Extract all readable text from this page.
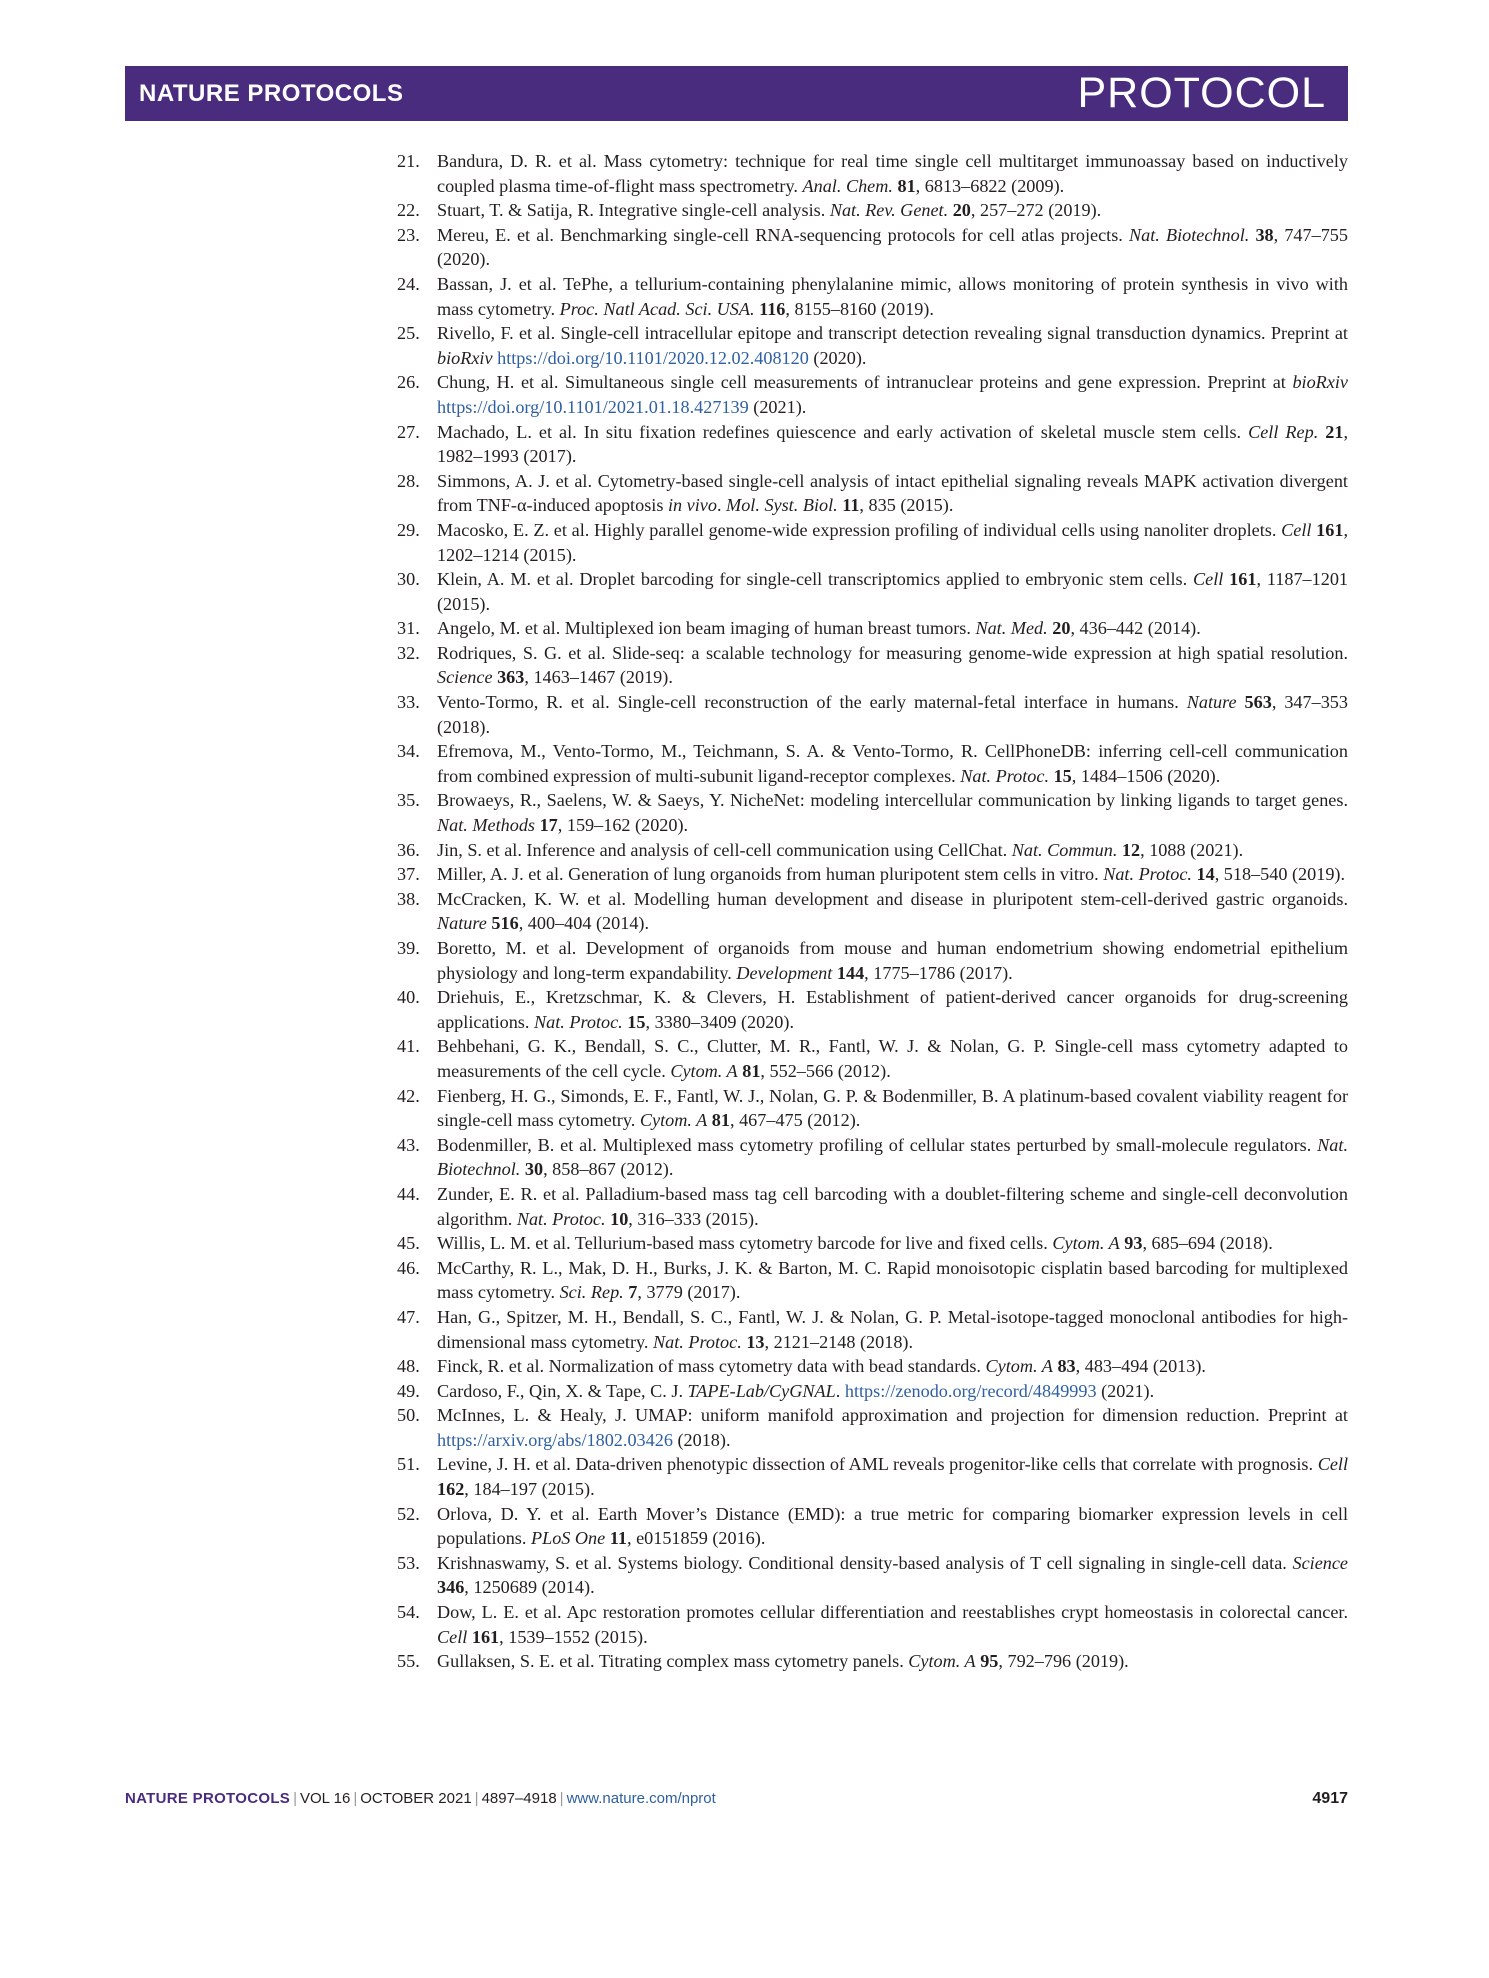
NATURE PROTOCOLS	PROTOCOL
21. Bandura, D. R. et al. Mass cytometry: technique for real time single cell multitarget immunoassay based on inductively coupled plasma time-of-flight mass spectrometry. Anal. Chem. 81, 6813–6822 (2009).
22. Stuart, T. & Satija, R. Integrative single-cell analysis. Nat. Rev. Genet. 20, 257–272 (2019).
23. Mereu, E. et al. Benchmarking single-cell RNA-sequencing protocols for cell atlas projects. Nat. Biotechnol. 38, 747–755 (2020).
24. Bassan, J. et al. TePhe, a tellurium-containing phenylalanine mimic, allows monitoring of protein synthesis in vivo with mass cytometry. Proc. Natl Acad. Sci. USA. 116, 8155–8160 (2019).
25. Rivello, F. et al. Single-cell intracellular epitope and transcript detection revealing signal transduction dynamics. Preprint at bioRxiv https://doi.org/10.1101/2020.12.02.408120 (2020).
26. Chung, H. et al. Simultaneous single cell measurements of intranuclear proteins and gene expression. Preprint at bioRxiv https://doi.org/10.1101/2021.01.18.427139 (2021).
27. Machado, L. et al. In situ fixation redefines quiescence and early activation of skeletal muscle stem cells. Cell Rep. 21, 1982–1993 (2017).
28. Simmons, A. J. et al. Cytometry-based single-cell analysis of intact epithelial signaling reveals MAPK activation divergent from TNF-α-induced apoptosis in vivo. Mol. Syst. Biol. 11, 835 (2015).
29. Macosko, E. Z. et al. Highly parallel genome-wide expression profiling of individual cells using nanoliter droplets. Cell 161, 1202–1214 (2015).
30. Klein, A. M. et al. Droplet barcoding for single-cell transcriptomics applied to embryonic stem cells. Cell 161, 1187–1201 (2015).
31. Angelo, M. et al. Multiplexed ion beam imaging of human breast tumors. Nat. Med. 20, 436–442 (2014).
32. Rodriques, S. G. et al. Slide-seq: a scalable technology for measuring genome-wide expression at high spatial resolution. Science 363, 1463–1467 (2019).
33. Vento-Tormo, R. et al. Single-cell reconstruction of the early maternal-fetal interface in humans. Nature 563, 347–353 (2018).
34. Efremova, M., Vento-Tormo, M., Teichmann, S. A. & Vento-Tormo, R. CellPhoneDB: inferring cell-cell communication from combined expression of multi-subunit ligand-receptor complexes. Nat. Protoc. 15, 1484–1506 (2020).
35. Browaeys, R., Saelens, W. & Saeys, Y. NicheNet: modeling intercellular communication by linking ligands to target genes. Nat. Methods 17, 159–162 (2020).
36. Jin, S. et al. Inference and analysis of cell-cell communication using CellChat. Nat. Commun. 12, 1088 (2021).
37. Miller, A. J. et al. Generation of lung organoids from human pluripotent stem cells in vitro. Nat. Protoc. 14, 518–540 (2019).
38. McCracken, K. W. et al. Modelling human development and disease in pluripotent stem-cell-derived gastric organoids. Nature 516, 400–404 (2014).
39. Boretto, M. et al. Development of organoids from mouse and human endometrium showing endometrial epithelium physiology and long-term expandability. Development 144, 1775–1786 (2017).
40. Driehuis, E., Kretzschmar, K. & Clevers, H. Establishment of patient-derived cancer organoids for drug-screening applications. Nat. Protoc. 15, 3380–3409 (2020).
41. Behbehani, G. K., Bendall, S. C., Clutter, M. R., Fantl, W. J. & Nolan, G. P. Single-cell mass cytometry adapted to measurements of the cell cycle. Cytom. A 81, 552–566 (2012).
42. Fienberg, H. G., Simonds, E. F., Fantl, W. J., Nolan, G. P. & Bodenmiller, B. A platinum-based covalent viability reagent for single-cell mass cytometry. Cytom. A 81, 467–475 (2012).
43. Bodenmiller, B. et al. Multiplexed mass cytometry profiling of cellular states perturbed by small-molecule regulators. Nat. Biotechnol. 30, 858–867 (2012).
44. Zunder, E. R. et al. Palladium-based mass tag cell barcoding with a doublet-filtering scheme and single-cell deconvolution algorithm. Nat. Protoc. 10, 316–333 (2015).
45. Willis, L. M. et al. Tellurium-based mass cytometry barcode for live and fixed cells. Cytom. A 93, 685–694 (2018).
46. McCarthy, R. L., Mak, D. H., Burks, J. K. & Barton, M. C. Rapid monoisotopic cisplatin based barcoding for multiplexed mass cytometry. Sci. Rep. 7, 3779 (2017).
47. Han, G., Spitzer, M. H., Bendall, S. C., Fantl, W. J. & Nolan, G. P. Metal-isotope-tagged monoclonal antibodies for high-dimensional mass cytometry. Nat. Protoc. 13, 2121–2148 (2018).
48. Finck, R. et al. Normalization of mass cytometry data with bead standards. Cytom. A 83, 483–494 (2013).
49. Cardoso, F., Qin, X. & Tape, C. J. TAPE-Lab/CyGNAL. https://zenodo.org/record/4849993 (2021).
50. McInnes, L. & Healy, J. UMAP: uniform manifold approximation and projection for dimension reduction. Preprint at https://arxiv.org/abs/1802.03426 (2018).
51. Levine, J. H. et al. Data-driven phenotypic dissection of AML reveals progenitor-like cells that correlate with prognosis. Cell 162, 184–197 (2015).
52. Orlova, D. Y. et al. Earth Mover’s Distance (EMD): a true metric for comparing biomarker expression levels in cell populations. PLoS One 11, e0151859 (2016).
53. Krishnaswamy, S. et al. Systems biology. Conditional density-based analysis of T cell signaling in single-cell data. Science 346, 1250689 (2014).
54. Dow, L. E. et al. Apc restoration promotes cellular differentiation and reestablishes crypt homeostasis in colorectal cancer. Cell 161, 1539–1552 (2015).
55. Gullaksen, S. E. et al. Titrating complex mass cytometry panels. Cytom. A 95, 792–796 (2019).
NATURE PROTOCOLS | VOL 16 | OCTOBER 2021 | 4897–4918 | www.nature.com/nprot	4917
